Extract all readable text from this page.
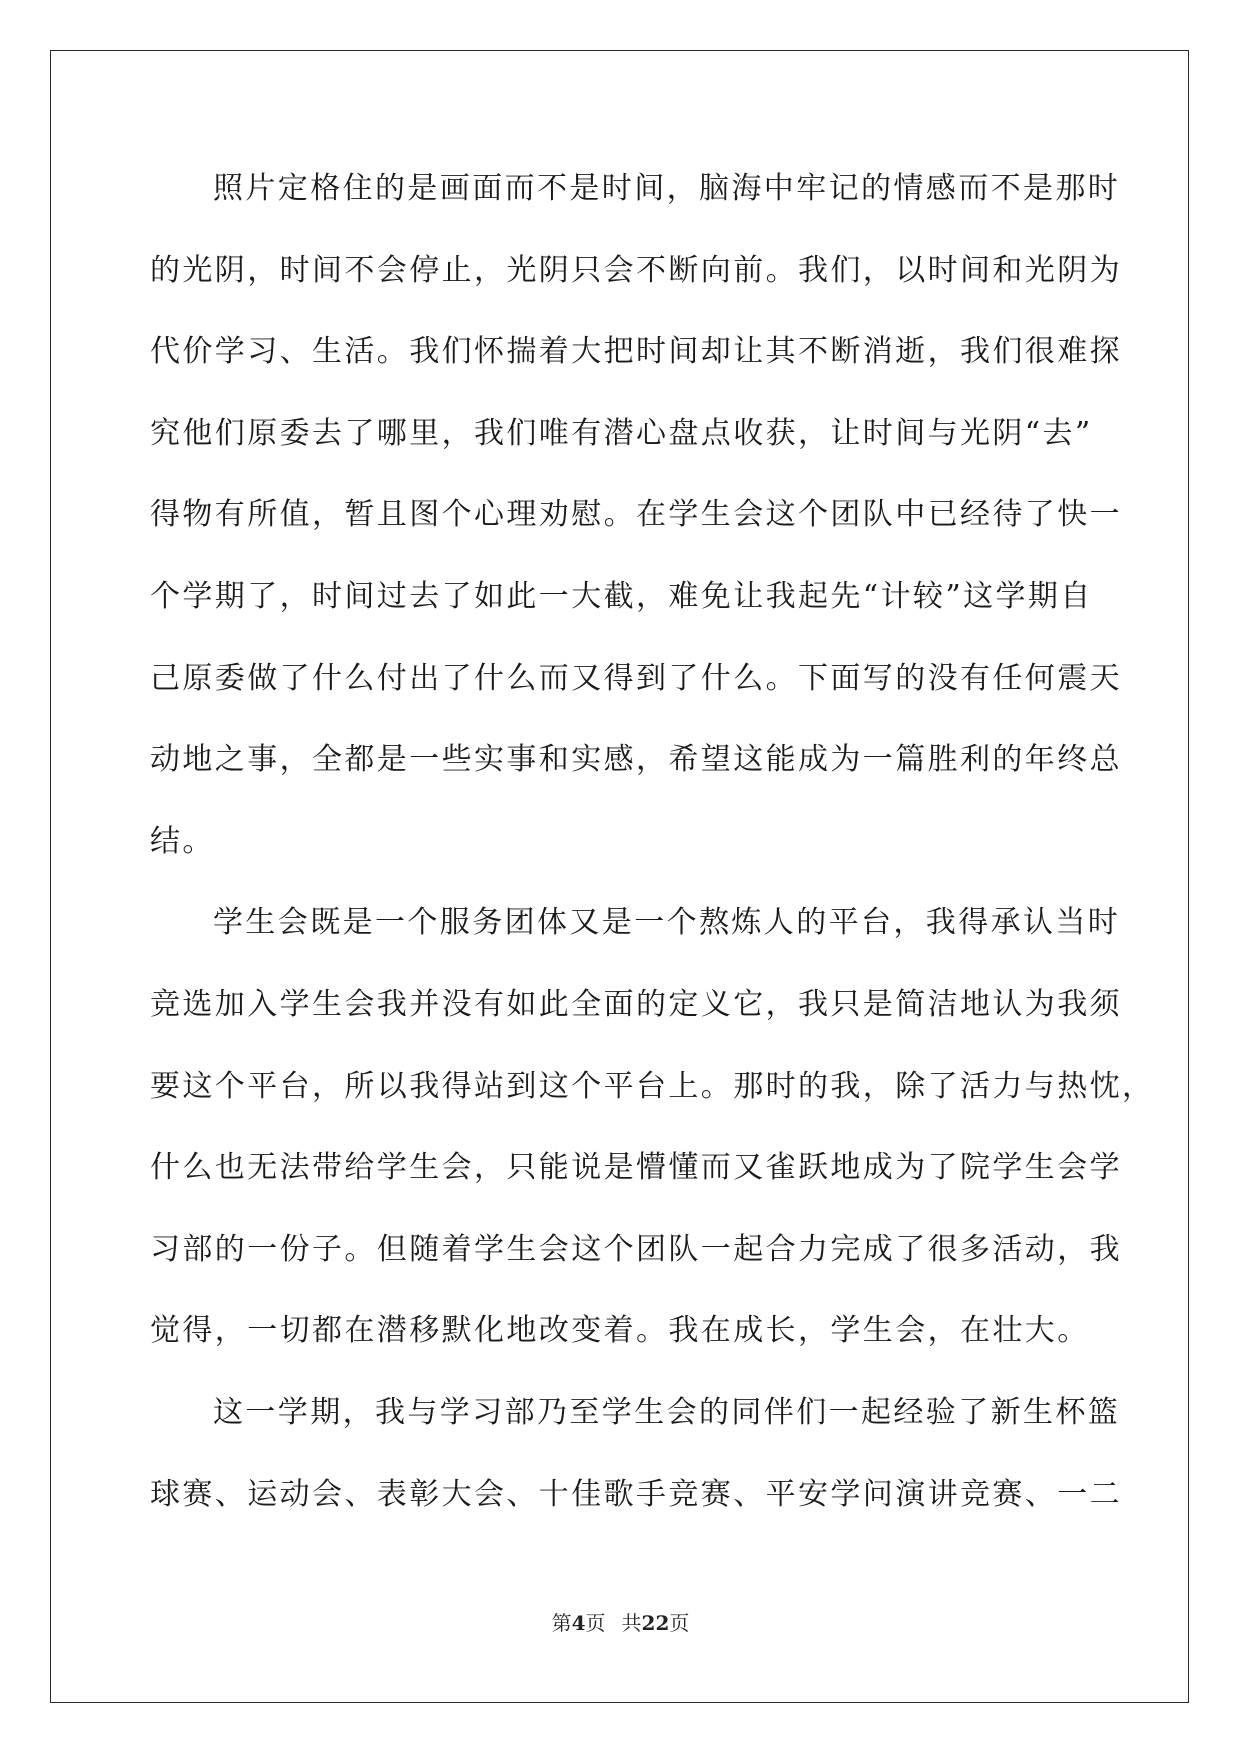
照片定格住的是画面而不是时间，脑海中牢记的情感而不是那时
的光阴，时间不会停止，光阴只会不断向前。我们，以时间和光阴为
代价学习、生活。我们怀揣着大把时间却让其不断消逝，我们很难探
究他们原委去了哪里，我们唯有潜心盘点收获，让时间与光阴“去”
得物有所值，暂且图个心理劝慰。在学生会这个团队中已经待了快一
个学期了，时间过去了如此一大截，难免让我起先“计较”这学期自
己原委做了什么付出了什么而又得到了什么。下面写的没有任何震天
动地之事，全都是一些实事和实感，希望这能成为一篇胜利的年终总
结。
学生会既是一个服务团体又是一个熬炼人的平台，我得承认当时
竞选加入学生会我并没有如此全面的定义它，我只是简洁地认为我须
要这个平台，所以我得站到这个平台上。那时的我，除了活力与热忱，
什么也无法带给学生会，只能说是懵懂而又雀跃地成为了院学生会学
习部的一份子。但随着学生会这个团队一起合力完成了很多活动，我
觉得，一切都在潜移默化地改变着。我在成长，学生会，在壮大。
这一学期，我与学习部乃至学生会的同伴们一起经验了新生杯篮
球赛、运动会、表彰大会、十佳歌手竞赛、平安学问演讲竞赛、一二
第4页 共22页
